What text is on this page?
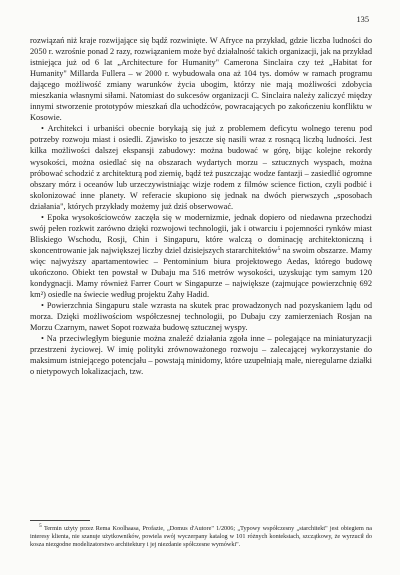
135

rozwiązań niż kraje rozwijające się bądź rozwinięte. W Afryce na przykład, gdzie liczba ludności do 2050 r. wzrośnie ponad 2 razy, rozwiązaniem może być działalność takich organizacji, jak na przykład istniejąca już od 6 lat „Architecture for Humanity" Camerona Sinclaira czy też „Habitat for Humanity" Millarda Fullera – w 2000 r. wybudowała ona aż 104 tys. domów w ramach programu dającego możliwość zmiany warunków życia ubogim, którzy nie mają możliwości zdobycia mieszkania własnymi siłami. Natomiast do sukcesów organizacji C. Sinclaira należy zaliczyć między innymi stworzenie prototypów mieszkań dla uchodźców, powracających po zakończeniu konfliktu w Kosowie.

• Architekci i urbaniści obecnie borykają się już z problemem deficytu wolnego terenu pod potrzeby rozwoju miast i osiedli. Zjawisko to jeszcze się nasili wraz z rosnącą liczbą ludności. Jest kilka możliwości dalszej ekspansji zabudowy: można budować w górę, bijąc kolejne rekordy wysokości, można osiedlać się na obszarach wydartych morzu – sztucznych wyspach, można próbować schodzić z architekturą pod ziemię, bądź też puszczając wodze fantazji – zasiedlić ogromne obszary mórz i oceanów lub urzeczywistniając wizje rodem z filmów science fiction, czyli podbić i skolonizować inne planety. W referacie skupiono się jednak na dwóch pierwszych „sposobach działania", których przykłady możemy już dziś obserwować.

• Epoka wysokościowców zaczęła się w modernizmie, jednak dopiero od niedawna przechodzi swój pełen rozkwit zarówno dzięki rozwojowi technologii, jak i otwarciu i pojemności rynków miast Bliskiego Wschodu, Rosji, Chin i Singapuru, które walczą o dominację architektoniczną i skoncentrowanie jak największej liczby dziel dzisiejszych stararchitektów$^5$ na swoim obszarze. Mamy więc najwyższy apartamentowiec – Pentominium biura projektowego Aedas, którego budowę ukończono. Obiekt ten powstał w Dubaju ma 516 metrów wysokości, uzyskując tym samym 120 kondygnacji. Mamy również Farrer Court w Singapurze – największe (zajmujące powierzchnię 692 km²) osiedle na świecie według projektu Zahy Hadid.

• Powierzchnia Singapuru stale wzrasta na skutek prac prowadzonych nad pozyskaniem lądu od morza. Dzięki możliwościom współczesnej technologii, po Dubaju czy zamierzeniach Rosjan na Morzu Czarnym, nawet Sopot rozważa budowę sztucznej wyspy.

• Na przeciwległym biegunie można znaleźć działania zgoła inne – polegające na miniaturyzacji przestrzeni życiowej. W imię polityki zrównoważonego rozwoju – zalecającej wykorzystanie do maksimum istniejącego potencjału – powstają minidomy, które uzupełniają małe, nieregularne działki o nietypowych lokalizacjach, tzw.

$^5$ Termin użyty przez Rema Koolhaasa, Profazie, „Domus d'Autore" 1/2006; „Typowy współczesny „starchitekt" jest obiegiem na interesy klienta, nie szanuje użytkowników, powiela swój wyczerpany katalog w 101 różnych kontekstach, szczątkowy, że wyrzucił do kosza niezgodne modelizatorstwo architektury i jej niezdanie spółczesne wymówki".
